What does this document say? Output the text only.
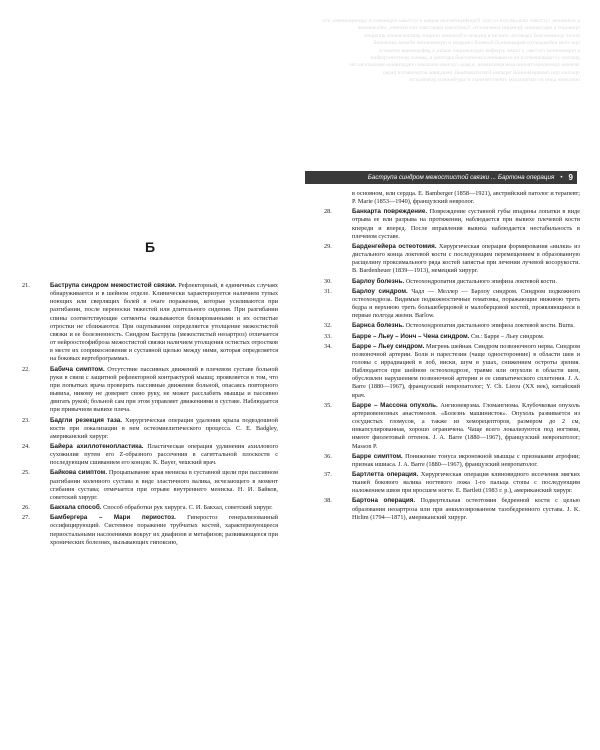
в основном, суставах пальцев рук и стоп. Периферические нервы и суставы поражаются одновременно, что
приводит к нарушению функции конечности. Симптомы нарастают постепенно, заболевание
носит хронический характер; описан в разделе о болезнях опорно-двигательного аппарата
при этом наблюдается выраженный болевой синдром и ограничение объема движений
в пораженном суставе, а также атрофия окружающих мышц и деформация сегмента
диагноз устанавливается на основании клинической картины и данных рентгенографии
лечение преимущественно консервативное, в ряде случаев показано оперативное вмешательство
прогноз при своевременной терапии благоприятный, рецидивы встречаются редко
описание дано по материалам отечественных и зарубежных руководств
Баструпа синдром межостистой связки ... Бартона операция • 9
Б
21.	Баструпа синдром межостистой связки. Рефлекторный, в единичных случаях обнаруживается и в шейном отделе. Клинически характеризуется наличием тупых ноющих или сверлящих болей в очаге поражения, которые усиливаются при разгибании, после переноски тяжестей или длительного сидения. При разгибании спины соответствующие сегменты оказываются блокированными и их остистые отростки не сближаются. При ощупывании определяется утолщение межостистой связки и ее болезненность. Синдром Баструпа (межостистый неоартроз) отличается от нейроостеофиброза межостистой связки наличием утолщения остистых отростков в месте их соприкосновения и суставной щелью между ними, которая определяется на боковых вертеброграммах.
22.	Бабича симптом. Отсутствие пассивных движений в плечевом суставе больной руки в связи с защитной рефлекторной контрактурой мышц; проявляется в том, что при попытках врача проверить пассивные движения больной, опасаясь повторного вывиха, никому не доверяет свою руку, не может расслабить мышцы и пассивно двигать рукой; больной сам при этом управляет движениями в суставе. Наблюдается при привычном вывихе плеча.
23.	Бадгли резекция таза. Хирургическая операция удаления крыла подвздошной кости при локализации в нем остеомиелитического процесса. C. E. Badgley, американский хирург.
24.	Байера ахиллотенопластика. Пластическая операция удлинения ахиллового сухожилия путем его Z-образного рассечения в сагиттальной плоскости с последующим сшиванием его концов. K. Bayer, чешский врач.
25.	Байкова симптом. Процыпывание края мениска в суставной щели при пассивном разгибании коленного сустава в виде эластичного валика, исчезающего в момент сгибания сустава; отмечается при отрыве внутреннего мениска. Н. И. Байков, советский хирург.
26.	Бакхала способ. Способ обработки рук хирурга. С. И. Бакхал, советский хирург.
27.	Бамбергера – Мари периостоз. Гиперостоз генерализованный оссифицирующий. Системное поражение трубчатых костей, характеризующееся периостальными наслоениями вокруг их диафизов и метафизов; развивающееся при хронических болезнях, вызывающих гипоксию,
в основном, или сердца. E. Bamberger (1858—1921), австрийский патолог и терапевт; P. Marie (1853—1940), французский невролог.
28.	Банкарта повреждение. Повреждение суставной губы впадины лопатки в виде отрыва ее или разрыва на протяжении, наблюдается при вывихе плечевой кости кпереди и вперед. После вправления вывиха наблюдается нестабильность в плечевом суставе.
29.	Барденгейера остеотомия. Хирургическая операция формирования «вилки» из дистального конца локтевой кости с последующим перемещением в образованную расщелину проксимального ряда костей запястья при лечении лучевой косорукости. B. Bardenheuer (1839—1913), немецкий хирург.
30.	Барлоу болезнь. Остеохондропатия дистального эпифиза локтевой кости.
31.	Барлоу синдром. Чадл — Меллер — Барлоу синдром. Синдром подкожного остеохондроза. Видимые подкожностичные гематомы, поражающие нижнюю треть бедра и верхнюю треть большеберцовой и малоберцовой костей, проявляющиеся в первые полгода жизни. Barlow.
32.	Барнса болезнь. Остеохондропатия дистального эпифиза локтевой кости. Burns.
33.	Барре – Льеу – Ионч – Чена синдром. См.: Барре – Льеу синдром.
34.	Барре – Льеу синдром. Мигрень шейная. Синдром позвоночного нерва. Синдром позвоночной артерии. Боли и парестезии (чаще односторонние) в области шеи и головы с иррадиацией в лоб, виски, шум в ушах, снижением остроты зрения. Наблюдается при шейном остеохондрозе, травме или опухоли в области шеи, обусловлен нарушением позвоночной артерии и ее симпатического сплетения. J. A. Barre (1880—1967), французский невропатолог; Y. Ch. Lieou (XX век), китайский врач.
35.	Барре – Массона опухоль. Ангионеврэма. Гломангиома. Клубочковая опухоль артериовенозных анастомозов. «Болезнь машинисток». Опухоль развивается из сосудистых гломусов, а также из хеморецепторов, размером до 2 см, инкапсулированная, хорошо ограничена. Чаще всего локализуются под ногтями, имеют фиолетовый оттенок. J. A. Barre (1880—1967), французский невропатолог; Masson P.
36.	Барре симптом. Понижение тонуса икроножной мышцы с признаками атрофии; признак ишиаса. J. A. Barre (1880—1967), французский невропатолог.
37.	Бартлетта операция. Хирургическая операция клиновидного иссечения мягких тканей бокового валика ногтевого ложа 1-го пальца стопы с последующим наложением швов при вросшем ногте. E. Bartlett (1983 г. р.), американский хирург.
38.	Бартона операция. Подвертельная остеотомия бедренной кости с целью образования неоартроза или при анкилозированном тазобедренного сустава. J. K. Hirlim (1794—1871), американский хирург.
